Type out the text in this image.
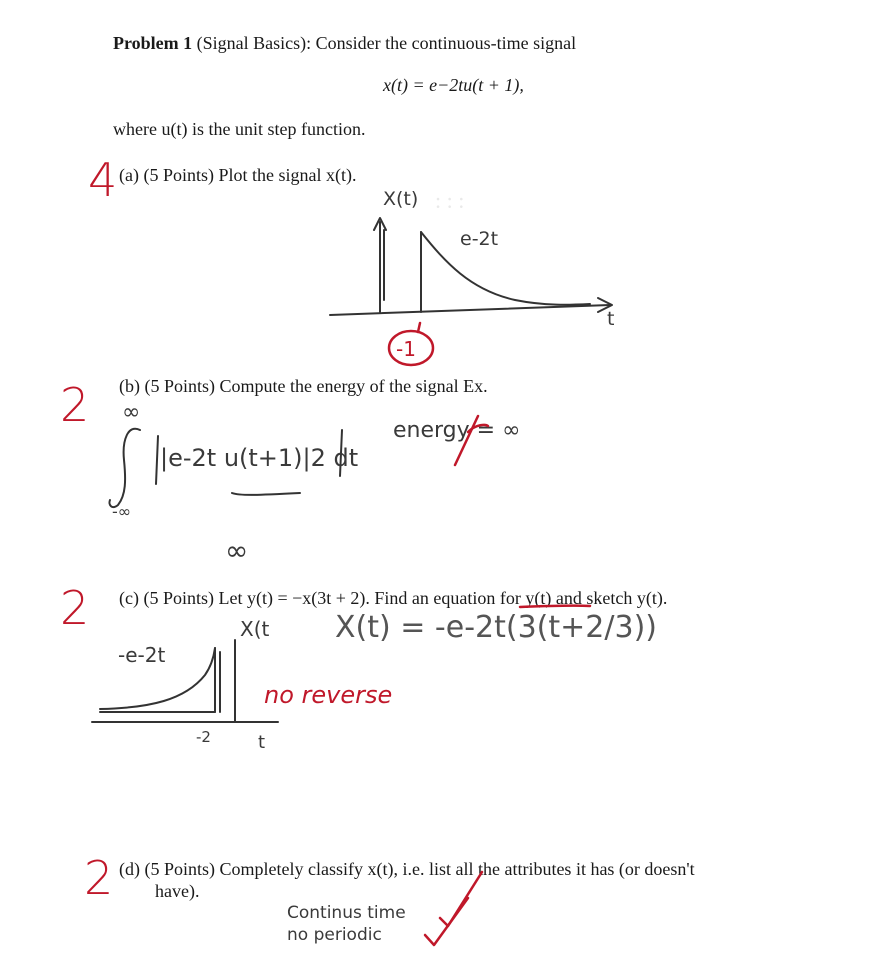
Problem 1 (Signal Basics): Consider the continuous-time signal
x(t) = e−2tu(t + 1),
where u(t) is the unit step function.
: : :
4 (a) (5 Points) Plot the signal x(t).
X(t)
e-2t
t
-1
2 (b) (5 Points) Compute the energy of the signal Ex.
∞
-∞
|e-2t u(t+1)|2 dt
energy = ∞
∞
2 (c) (5 Points) Let y(t) = −x(3t + 2). Find an equation for y(t) and sketch y(t).
X(t) = -e-2t(3(t+2/3))
X(t
-e-2t
-2	t
no reverse
2 (d) (5 Points) Completely classify x(t), i.e. list all the attributes it has (or doesn't
have).
Continus time
no periodic
